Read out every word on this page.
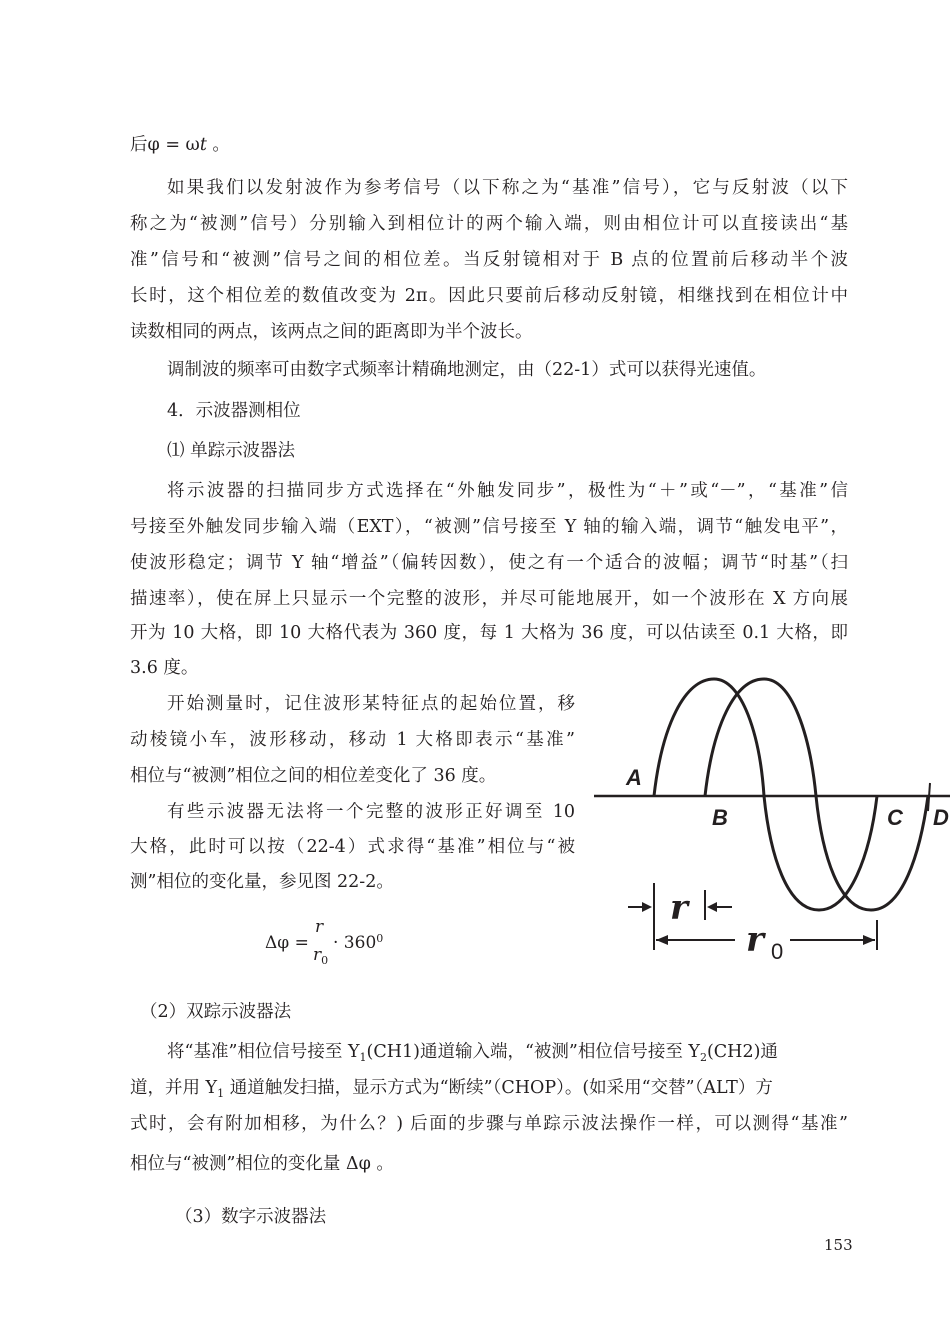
后φ = ωt 。
如果我们以发射波作为参考信号（以下称之为“基准”信号），它与反射波（以下
称之为“被测”信号）分别输入到相位计的两个输入端，则由相位计可以直接读出“基
准”信号和“被测”信号之间的相位差。当反射镜相对于 B 点的位置前后移动半个波
长时，这个相位差的数值改变为 2π。因此只要前后移动反射镜，相继找到在相位计中
读数相同的两点，该两点之间的距离即为半个波长。
调制波的频率可由数字式频率计精确地测定，由（22-1）式可以获得光速值。
4．示波器测相位
⑴ 单踪示波器法
将示波器的扫描同步方式选择在“外触发同步”，极性为“＋”或“－”，“基准”信
号接至外触发同步输入端（EXT），“被测”信号接至 Y 轴的输入端，调节“触发电平”，
使波形稳定；调节 Y 轴“增益”（偏转因数），使之有一个适合的波幅；调节“时基”（扫
描速率），使在屏上只显示一个完整的波形，并尽可能地展开，如一个波形在 X 方向展
开为 10 大格，即 10 大格代表为 360 度，每 1 大格为 36 度，可以估读至 0.1 大格，即
3.6 度。
开始测量时，记住波形某特征点的起始位置，移
动棱镜小车，波形移动，移动 1 大格即表示“基准”
相位与“被测”相位之间的相位差变化了 36 度。
有些示波器无法将一个完整的波形正好调至 10
大格，此时可以按（22-4）式求得“基准”相位与“被
测”相位的变化量，参见图 22-2。
Δφ =
r
$r_0$
· $360^0$
（2）双踪示波器法
将“基准”相位信号接至 $Y_1(CH1)$通道输入端，“被测”相位信号接至 $Y_2(CH2)$通
道，并用 $Y_1$ 通道触发扫描，显示方式为“断续”（CHOP）。(如采用“交替”（ALT）方
式时，会有附加相移，为什么？) 后面的步骤与单踪示波法操作一样，可以测得“基准”
相位与“被测”相位的变化量 Δφ 。
（3）数字示波器法
153
A
B	C D
r
r 0
